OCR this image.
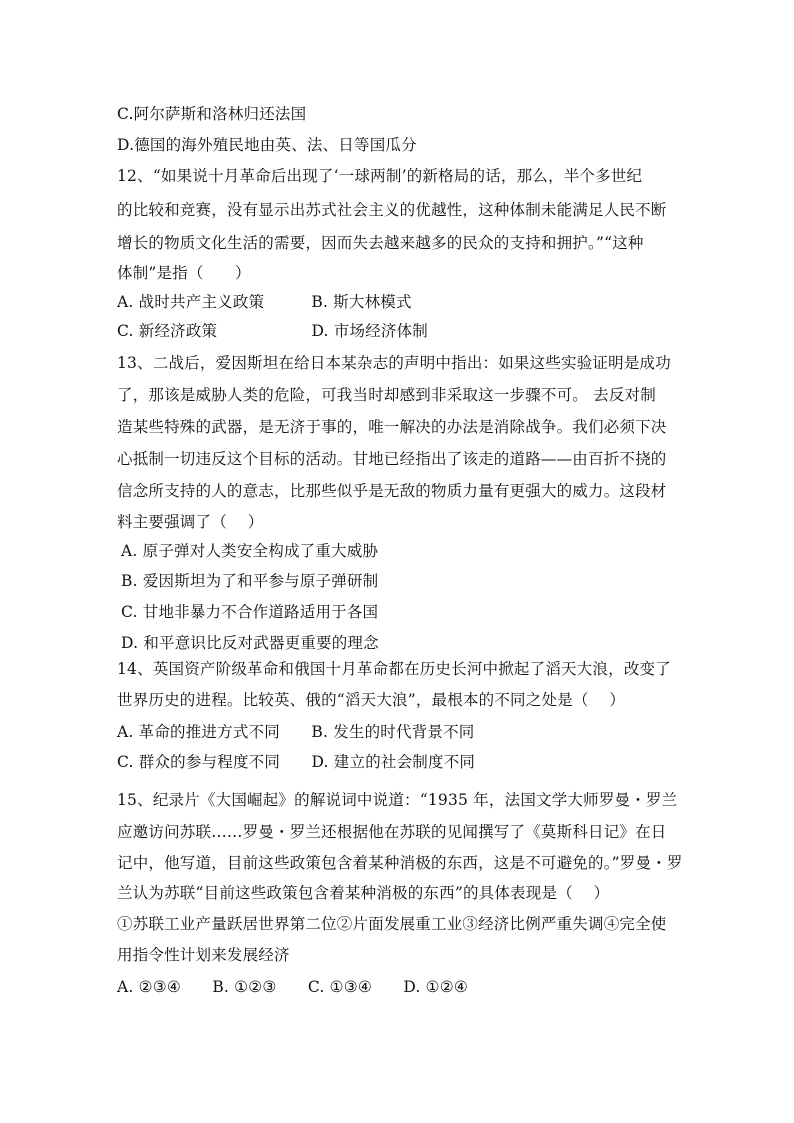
C.阿尔萨斯和洛林归还法国
D.德国的海外殖民地由英、法、日等国瓜分
12、“如果说十月革命后出现了‘一球两制’的新格局的话，那么，半个多世纪
的比较和竞赛，没有显示出苏式社会主义的优越性，这种体制未能满足人民不断
增长的物质文化生活的需要，因而失去越来越多的民众的支持和拥护。”“这种
体制”是指（　　）
A. 战时共产主义政策　　　B. 斯大林模式
C. 新经济政策　　　　　　D. 市场经济体制
13、二战后，爱因斯坦在给日本某杂志的声明中指出：如果这些实验证明是成功
了，那该是威胁人类的危险，可我当时却感到非采取这一步骤不可。 去反对制
造某些特殊的武器，是无济于事的，唯一解决的办法是消除战争。我们必须下决
心抵制一切违反这个目标的活动。甘地已经指出了该走的道路——由百折不挠的
信念所支持的人的意志，比那些似乎是无敌的物质力量有更强大的威力。这段材
料主要强调了（　 ）
A. 原子弹对人类安全构成了重大威胁
B. 爱因斯坦为了和平参与原子弹研制
C. 甘地非暴力不合作道路适用于各国
D. 和平意识比反对武器更重要的理念
14、英国资产阶级革命和俄国十月革命都在历史长河中掀起了滔天大浪，改变了
世界历史的进程。比较英、俄的“滔天大浪”，最根本的不同之处是（　 ）
A. 革命的推进方式不同　　B. 发生的时代背景不同
C. 群众的参与程度不同　　D. 建立的社会制度不同
15、纪录片《大国崛起》的解说词中说道：“1935 年，法国文学大师罗曼・罗兰
应邀访问苏联……罗曼・罗兰还根据他在苏联的见闻撰写了《莫斯科日记》在日
记中，他写道，目前这些政策包含着某种消极的东西，这是不可避免的。”罗曼・罗
兰认为苏联“目前这些政策包含着某种消极的东西”的具体表现是（　 ）
①苏联工业产量跃居世界第二位②片面发展重工业③经济比例严重失调④完全使
用指令性计划来发展经济
A. ②③④　　B. ①②③　　C. ①③④　　D. ①②④
